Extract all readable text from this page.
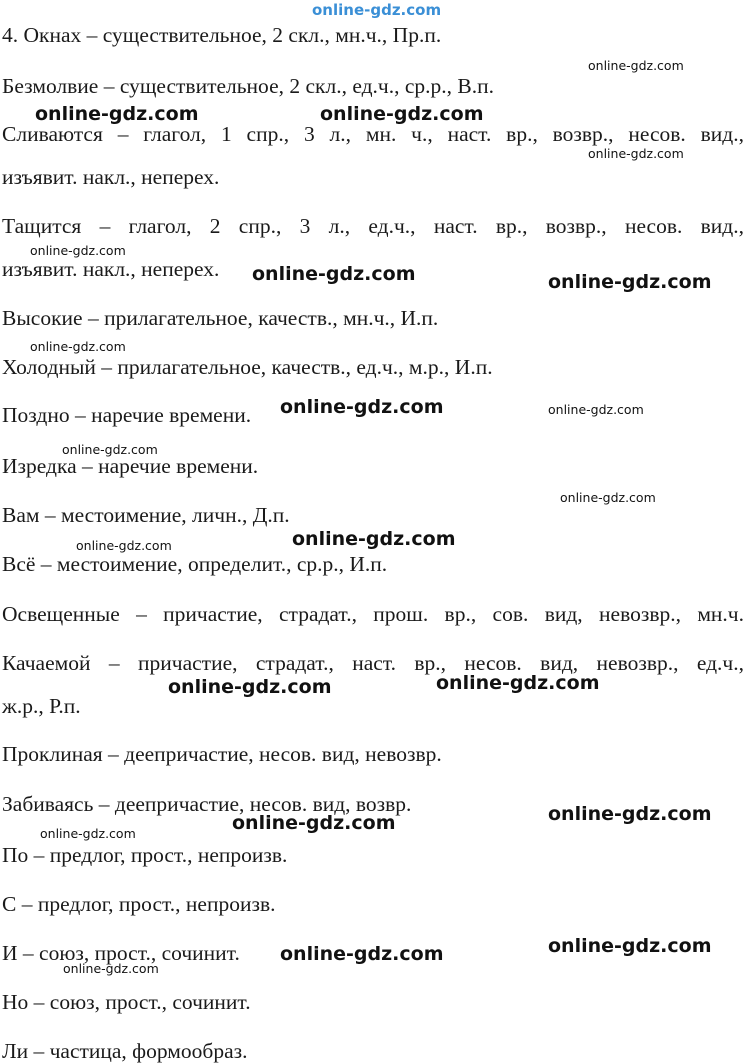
online-gdz.com
4. Окнах – существительное, 2 скл., мн.ч., Пр.п.
Безмолвие – существительное, 2 скл., ед.ч., ср.р., В.п.
Сливаются – глагол, 1 спр., 3 л., мн. ч., наст. вр., возвр., несов. вид.,
изъявит. накл., неперех.
Тащится – глагол, 2 спр., 3 л., ед.ч., наст. вр., возвр., несов. вид.,
изъявит. накл., неперех.
Высокие – прилагательное, качеств., мн.ч., И.п.
Холодный – прилагательное, качеств., ед.ч., м.р., И.п.
Поздно – наречие времени.
Изредка – наречие времени.
Вам – местоимение, личн., Д.п.
Всё – местоимение, определит., ср.р., И.п.
Освещенные – причастие, страдат., прош. вр., сов. вид, невозвр., мн.ч.
Качаемой – причастие, страдат., наст. вр., несов. вид, невозвр., ед.ч.,
ж.р., Р.п.
Проклиная – деепричастие, несов. вид, невозвр.
Забиваясь – деепричастие, несов. вид, возвр.
По – предлог, прост., непроизв.
С – предлог, прост., непроизв.
И – союз, прост., сочинит.
Но – союз, прост., сочинит.
Ли – частица, формообраз.
online-gdz.com
online-gdz.com	online-gdz.com
online-gdz.com
online-gdz.com
online-gdz.com	online-gdz.com
online-gdz.com
online-gdz.com	online-gdz.com
online-gdz.com
online-gdz.com
online-gdz.com
online-gdz.com
online-gdz.com
online-gdz.com
online-gdz.com
online-gdz.com
online-gdz.com
online-gdz.com
online-gdz.com
online-gdz.com
